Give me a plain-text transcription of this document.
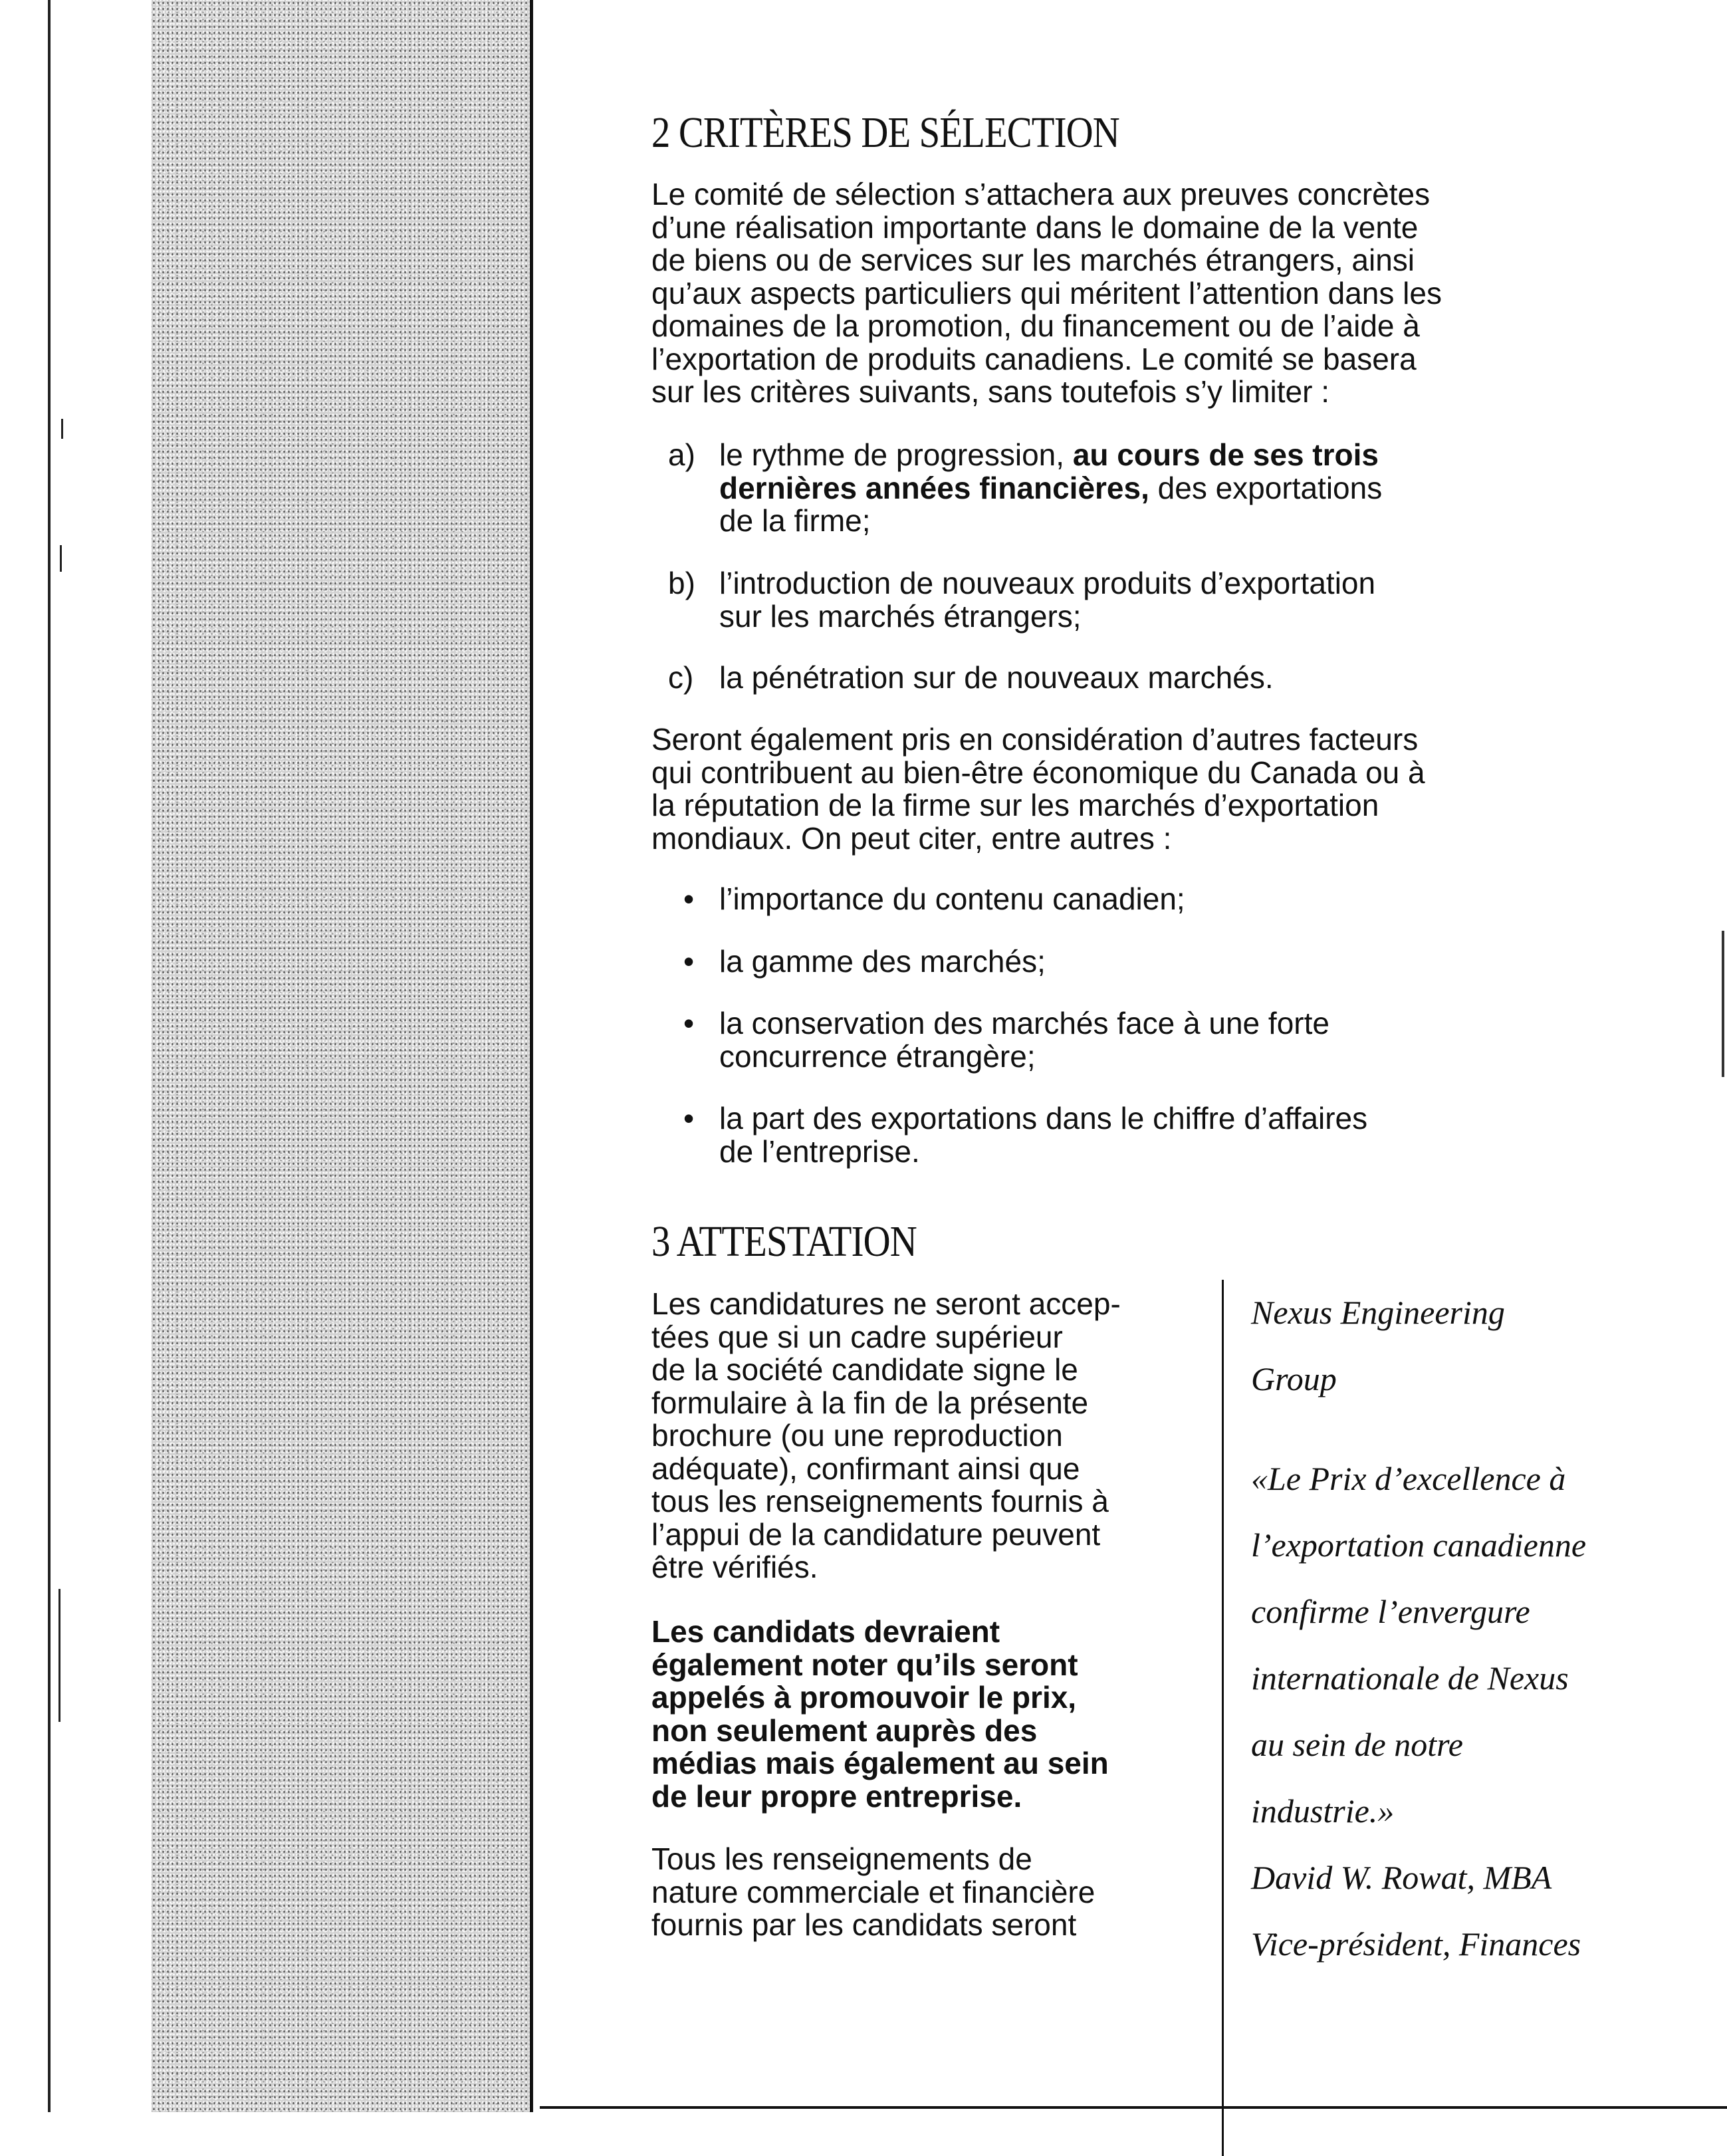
2 CRITÈRES DE SÉLECTION

Le comité de sélection s’attachera aux preuves concrètes

d’une réalisation importante dans le domaine de la vente

de biens ou de services sur les marchés étrangers, ainsi

qu’aux aspects particuliers qui méritent l’attention dans les

domaines de la promotion, du financement ou de l’aide à

l’exportation de produits canadiens. Le comité se basera

sur les critères suivants, sans toutefois s’y limiter :

a) le rythme de progression, au cours de ses trois

dernières années financières, des exportations

de la firme;

b) l’introduction de nouveaux produits d’exportation

sur les marchés étrangers;

c) la pénétration sur de nouveaux marchés.

Seront également pris en considération d’autres facteurs

qui contribuent au bien-être économique du Canada ou à

la réputation de la firme sur les marchés d’exportation

mondiaux. On peut citer, entre autres :

• l’importance du contenu canadien;

• la gamme des marchés;

• la conservation des marchés face à une forte

concurrence étrangère;

• la part des exportations dans le chiffre d’affaires

de l’entreprise.

3 ATTESTATION

Les candidatures ne seront accep-

tées que si un cadre supérieur

de la société candidate signe le

formulaire à la fin de la présente

brochure (ou une reproduction

adéquate), confirmant ainsi que

tous les renseignements fournis à

l’appui de la candidature peuvent

être vérifiés.

Les candidats devraient

également noter qu’ils seront

appelés à promouvoir le prix,

non seulement auprès des

médias mais également au sein

de leur propre entreprise.

Tous les renseignements de

nature commerciale et financière

fournis par les candidats seront

Nexus Engineering

Group

«Le Prix d’excellence à

l’exportation canadienne

confirme l’envergure

internationale de Nexus

au sein de notre

industrie.»

David W. Rowat, MBA

Vice-président, Finances
